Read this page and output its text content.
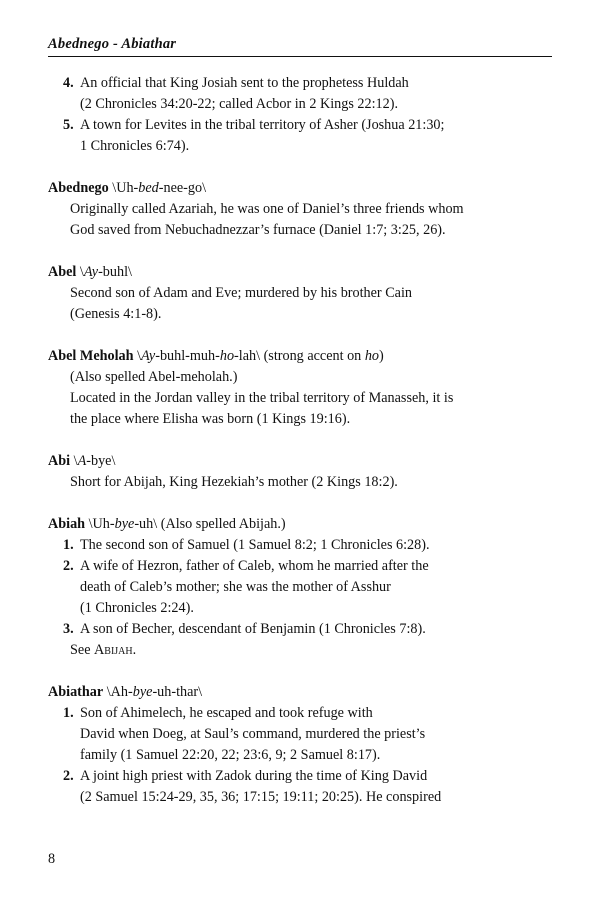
Abednego - Abiathar
4. An official that King Josiah sent to the prophetess Huldah
(2 Chronicles 34:20-22; called Acbor in 2 Kings 22:12).
5. A town for Levites in the tribal territory of Asher (Joshua 21:30;
1 Chronicles 6:74).
Abednego \Uh-bed-nee-go\
Originally called Azariah, he was one of Daniel’s three friends whom
God saved from Nebuchadnezzar’s furnace (Daniel 1:7; 3:25, 26).
Abel \Ay-buhl\
Second son of Adam and Eve; murdered by his brother Cain
(Genesis 4:1-8).
Abel Meholah \Ay-buhl-muh-ho-lah\ (strong accent on ho)
(Also spelled Abel-meholah.)
Located in the Jordan valley in the tribal territory of Manasseh, it is
the place where Elisha was born (1 Kings 19:16).
Abi \A-bye\
Short for Abijah, King Hezekiah’s mother (2 Kings 18:2).
Abiah \Uh-bye-uh\ (Also spelled Abijah.)
1. The second son of Samuel (1 Samuel 8:2; 1 Chronicles 6:28).
2. A wife of Hezron, father of Caleb, whom he married after the
death of Caleb’s mother; she was the mother of Asshur
(1 Chronicles 2:24).
3. A son of Becher, descendant of Benjamin (1 Chronicles 7:8).
See Abijah.
Abiathar \Ah-bye-uh-thar\
1. Son of Ahimelech, he escaped and took refuge with
David when Doeg, at Saul’s command, murdered the priest’s
family (1 Samuel 22:20, 22; 23:6, 9; 2 Samuel 8:17).
2. A joint high priest with Zadok during the time of King David
(2 Samuel 15:24-29, 35, 36; 17:15; 19:11; 20:25). He conspired
8
